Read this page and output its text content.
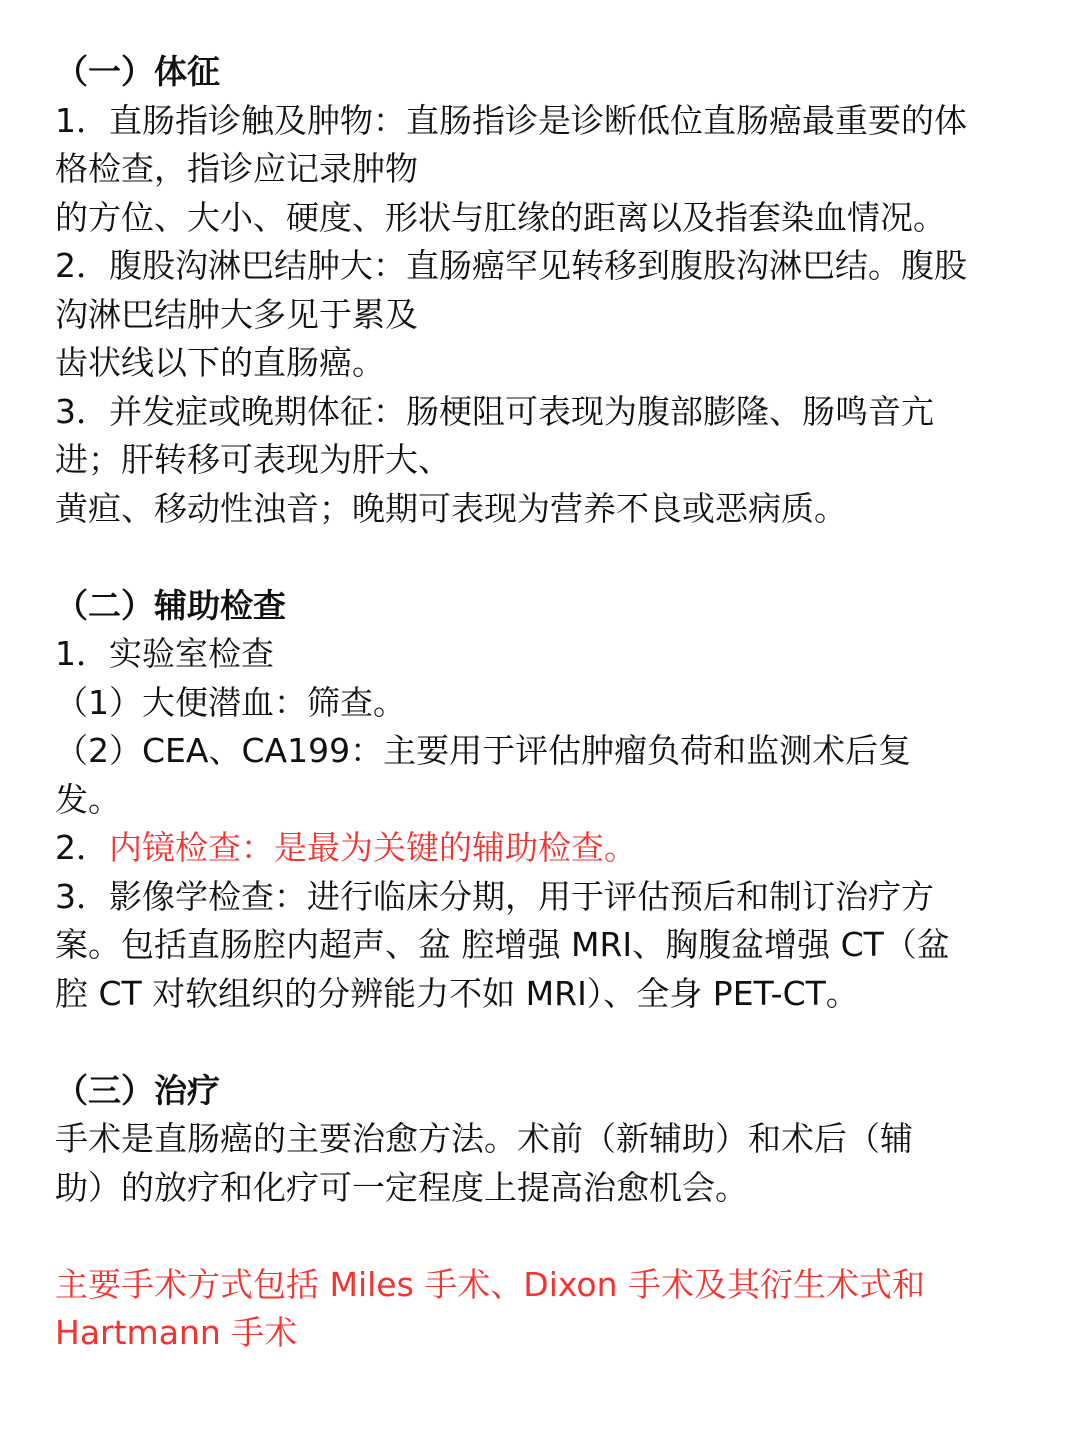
（一）体征
1．直肠指诊触及肿物：直肠指诊是诊断低位直肠癌最重要的体
格检查，指诊应记录肿物
的方位、大小、硬度、形状与肛缘的距离以及指套染血情况。
2．腹股沟淋巴结肿大：直肠癌罕见转移到腹股沟淋巴结。腹股
沟淋巴结肿大多见于累及
齿状线以下的直肠癌。
3．并发症或晚期体征：肠梗阻可表现为腹部膨隆、肠鸣音亢
进；肝转移可表现为肝大、
黄疸、移动性浊音；晚期可表现为营养不良或恶病质。
（二）辅助检查
1．实验室检查
（1）大便潜血：筛查。
（2）CEA、CA199：主要用于评估肿瘤负荷和监测术后复
发。
2．内镜检查：是最为关键的辅助检查。
3．影像学检查：进行临床分期，用于评估预后和制订治疗方
案。包括直肠腔内超声、盆 腔增强 MRI、胸腹盆增强 CT（盆
腔 CT 对软组织的分辨能力不如 MRI）、全身 PET-CT。
（三）治疗
手术是直肠癌的主要治愈方法。术前（新辅助）和术后（辅
助）的放疗和化疗可一定程度上提高治愈机会。
主要手术方式包括 Miles 手术、Dixon 手术及其衍生术式和
Hartmann 手术
